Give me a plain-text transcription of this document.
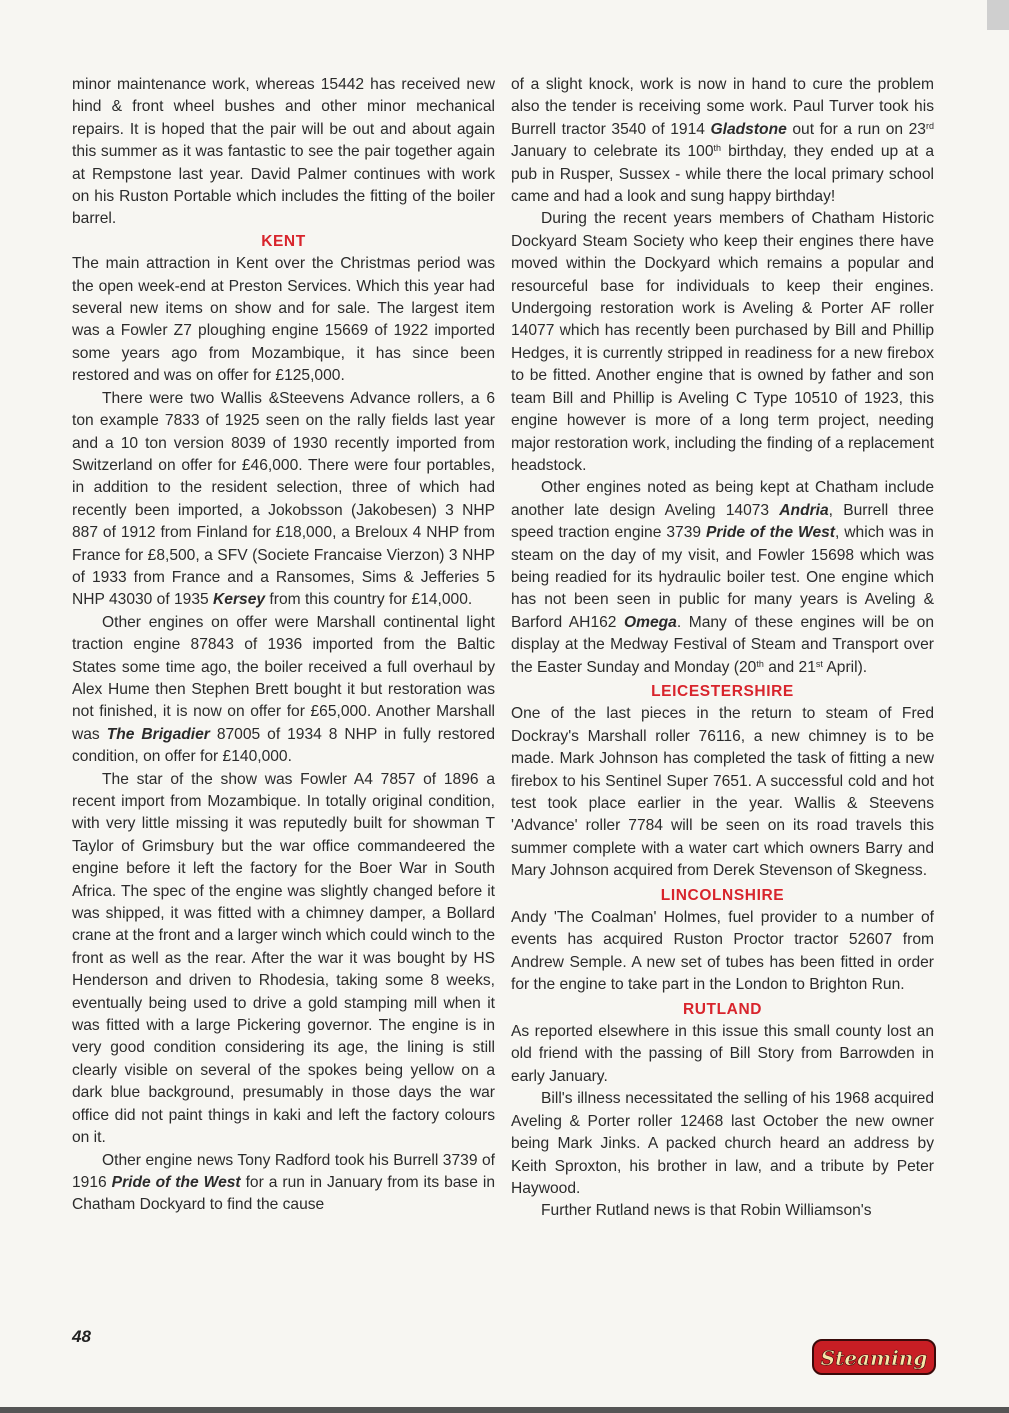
minor maintenance work, whereas 15442 has received new hind & front wheel bushes and other minor mechanical repairs. It is hoped that the pair will be out and about again this summer as it was fantastic to see the pair together again at Rempstone last year. David Palmer continues with work on his Ruston Portable which includes the fitting of the boiler barrel.

KENT

The main attraction in Kent over the Christmas period was the open week-end at Preston Services. Which this year had several new items on show and for sale. The largest item was a Fowler Z7 ploughing engine 15669 of 1922 imported some years ago from Mozambique, it has since been restored and was on offer for £125,000.

There were two Wallis &Steevens Advance rollers, a 6 ton example 7833 of 1925 seen on the rally fields last year and a 10 ton version 8039 of 1930 recently imported from Switzerland on offer for £46,000. There were four portables, in addition to the resident selection, three of which had recently been imported, a Jokobsson (Jakobesen) 3 NHP 887 of 1912 from Finland for £18,000, a Breloux 4 NHP from France for £8,500, a SFV (Societe Francaise Vierzon) 3 NHP of 1933 from France and a Ransomes, Sims & Jefferies 5 NHP 43030 of 1935 Kersey from this country for £14,000.

Other engines on offer were Marshall continental light traction engine 87843 of 1936 imported from the Baltic States some time ago, the boiler received a full overhaul by Alex Hume then Stephen Brett bought it but restoration was not finished, it is now on offer for £65,000. Another Marshall was The Brigadier 87005 of 1934 8 NHP in fully restored condition, on offer for £140,000.

The star of the show was Fowler A4 7857 of 1896 a recent import from Mozambique. In totally original condition, with very little missing it was reputedly built for showman T Taylor of Grimsbury but the war office commandeered the engine before it left the factory for the Boer War in South Africa. The spec of the engine was slightly changed before it was shipped, it was fitted with a chimney damper, a Bollard crane at the front and a larger winch which could winch to the front as well as the rear. After the war it was bought by HS Henderson and driven to Rhodesia, taking some 8 weeks, eventually being used to drive a gold stamping mill when it was fitted with a large Pickering governor. The engine is in very good condition considering its age, the lining is still clearly visible on several of the spokes being yellow on a dark blue background, presumably in those days the war office did not paint things in kaki and left the factory colours on it.

Other engine news Tony Radford took his Burrell 3739 of 1916 Pride of the West for a run in January from its base in Chatham Dockyard to find the cause

of a slight knock, work is now in hand to cure the problem also the tender is receiving some work. Paul Turver took his Burrell tractor 3540 of 1914 Gladstone out for a run on 23rd January to celebrate its 100th birthday, they ended up at a pub in Rusper, Sussex - while there the local primary school came and had a look and sung happy birthday!

During the recent years members of Chatham Historic Dockyard Steam Society who keep their engines there have moved within the Dockyard which remains a popular and resourceful base for individuals to keep their engines. Undergoing restoration work is Aveling & Porter AF roller 14077 which has recently been purchased by Bill and Phillip Hedges, it is currently stripped in readiness for a new firebox to be fitted. Another engine that is owned by father and son team Bill and Phillip is Aveling C Type 10510 of 1923, this engine however is more of a long term project, needing major restoration work, including the finding of a replacement headstock.

Other engines noted as being kept at Chatham include another late design Aveling 14073 Andria, Burrell three speed traction engine 3739 Pride of the West, which was in steam on the day of my visit, and Fowler 15698 which was being readied for its hydraulic boiler test. One engine which has not been seen in public for many years is Aveling & Barford AH162 Omega. Many of these engines will be on display at the Medway Festival of Steam and Transport over the Easter Sunday and Monday (20th and 21st April).

LEICESTERSHIRE

One of the last pieces in the return to steam of Fred Dockray's Marshall roller 76116, a new chimney is to be made. Mark Johnson has completed the task of fitting a new firebox to his Sentinel Super 7651. A successful cold and hot test took place earlier in the year. Wallis & Steevens 'Advance' roller 7784 will be seen on its road travels this summer complete with a water cart which owners Barry and Mary Johnson acquired from Derek Stevenson of Skegness.

LINCOLNSHIRE

Andy 'The Coalman' Holmes, fuel provider to a number of events has acquired Ruston Proctor tractor 52607 from Andrew Semple. A new set of tubes has been fitted in order for the engine to take part in the London to Brighton Run.

RUTLAND

As reported elsewhere in this issue this small county lost an old friend with the passing of Bill Story from Barrowden in early January.

Bill's illness necessitated the selling of his 1968 acquired Aveling & Porter roller 12468 last October the new owner being Mark Jinks. A packed church heard an address by Keith Sproxton, his brother in law, and a tribute by Peter Haywood.

Further Rutland news is that Robin Williamson's

48
Steaming
